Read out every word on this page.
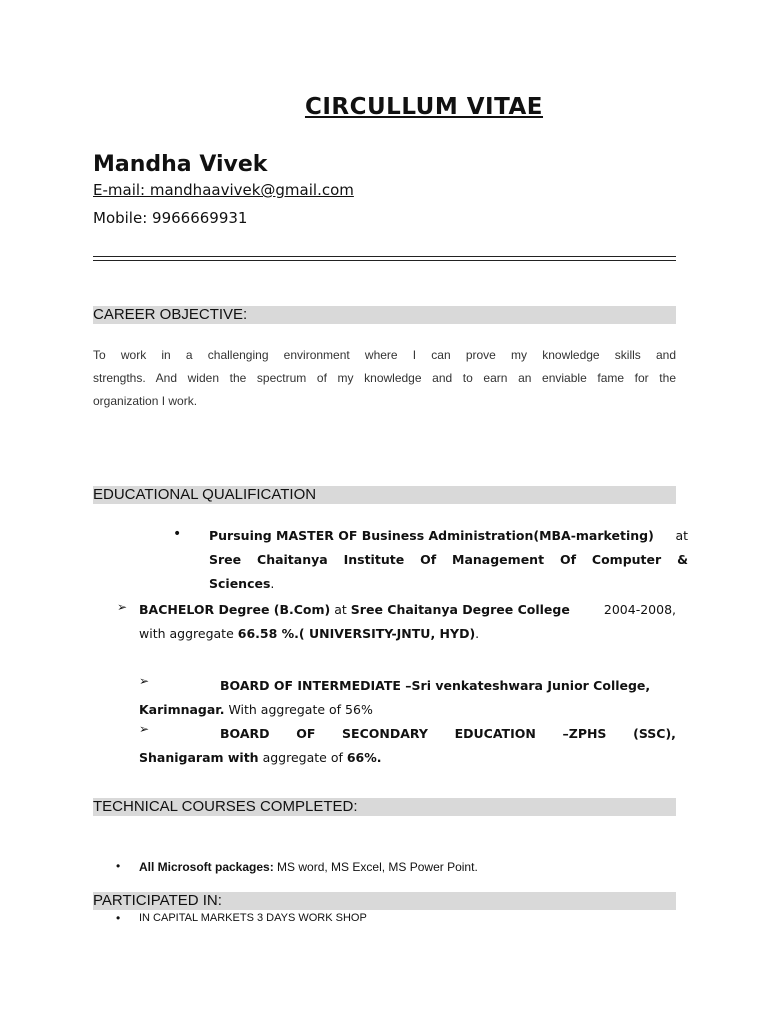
CIRCULLUM VITAE
Mandha Vivek
E-mail: mandhaavivek@gmail.com
Mobile: 9966669931
CAREER OBJECTIVE:
To work in a challenging environment where I can prove my knowledge skills and
strengths. And widen the spectrum of my knowledge and to earn an enviable fame for the
organization I work.
EDUCATIONAL QUALIFICATION
• Pursuing MASTER OF Business Administration(MBA-marketing) at
Sree Chaitanya Institute Of Management Of Computer &
Sciences.
➢ BACHELOR Degree (B.Com) at Sree Chaitanya Degree College	2004-2008,
with aggregate 66.58 %.( UNIVERSITY-JNTU, HYD).
➢	BOARD OF INTERMEDIATE –Sri venkateshwara Junior College,
Karimnagar. With aggregate of 56%
➢	BOARD OF SECONDARY EDUCATION –ZPHS (SSC),
Shanigaram with aggregate of 66%.
TECHNICAL COURSES COMPLETED:
• All Microsoft packages: MS word, MS Excel, MS Power Point.
PARTICIPATED IN:
• IN CAPITAL MARKETS 3 DAYS WORK SHOP
